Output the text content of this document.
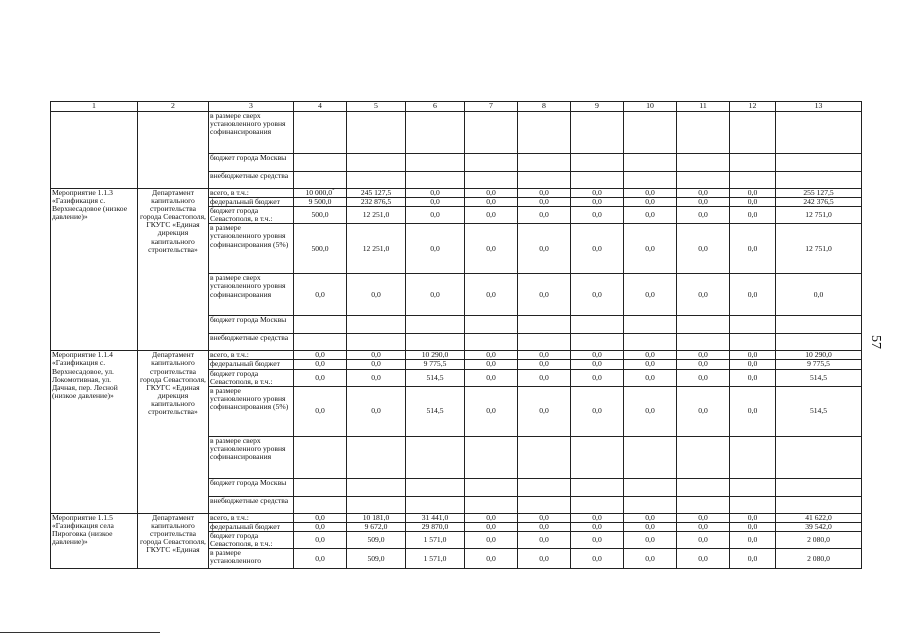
1	2	3	4	5	6	7	8	9	10	11	12	13
		в размере сверх установленного уровня софинансирования										
		бюджет города Москвы										
		внебюджетные средства										
Мероприятие 1.1.3 «Газификация с. Верхнесадовое (низкое давление)»	Департамент капитального строительства города Севастополя, ГКУГС «Единая дирекция капитального строительства»	всего, в т.ч.:	10 000,0*	245 127,5	0,0	0,0	0,0	0,0	0,0	0,0	0,0	255 127,5
		федеральный бюджет	9 500,0	232 876,5	0,0	0,0	0,0	0,0	0,0	0,0	0,0	242 376,5
		бюджет города Севастополя, в т.ч.:	500,0	12 251,0	0,0	0,0	0,0	0,0	0,0	0,0	0,0	12 751,0
		в размере установленного уровня софинансирования (5%)	500,0	12 251,0	0,0	0,0	0,0	0,0	0,0	0,0	0,0	12 751,0
		в размере сверх установленного уровня софинансирования	0,0	0,0	0,0	0,0	0,0	0,0	0,0	0,0	0,0	0,0
		бюджет города Москвы										
		внебюджетные средства										
Мероприятие 1.1.4 «Газификация с. Верхнесадовое, ул. Локомотивная, ул. Дачная, пер. Лесной (низкое давление)»	Департамент капитального строительства города Севастополя, ГКУГС «Единая дирекция капитального строительства»	всего, в т.ч.:	0,0	0,0	10 290,0	0,0	0,0	0,0	0,0	0,0	0,0	10 290,0
		федеральный бюджет	0,0	0,0	9 775,5	0,0	0,0	0,0	0,0	0,0	0,0	9 775,5
		бюджет города Севастополя, в т.ч.:	0,0	0,0	514,5	0,0	0,0	0,0	0,0	0,0	0,0	514,5
		в размере установленного уровня софинансирования (5%)	0,0	0,0	514,5	0,0	0,0	0,0	0,0	0,0	0,0	514,5
		в размере сверх установленного уровня софинансирования										
		бюджет города Москвы										
		внебюджетные средства										
Мероприятие 1.1.5 «Газификация села Пироговка (низкое давление)»	Департамент капитального строительства города Севастополя, ГКУГС «Единая	всего, в т.ч.:	0,0	10 181,0	31 441,0	0,0	0,0	0,0	0,0	0,0	0,0	41 622,0
		федеральный бюджет	0,0	9 672,0	29 870,0	0,0	0,0	0,0	0,0	0,0	0,0	39 542,0
		бюджет города Севастополя, в т.ч.:	0,0	509,0	1 571,0	0,0	0,0	0,0	0,0	0,0	0,0	2 080,0
		в размере установленного	0,0	509,0	1 571,0	0,0	0,0	0,0	0,0	0,0	0,0	2 080,0
57
